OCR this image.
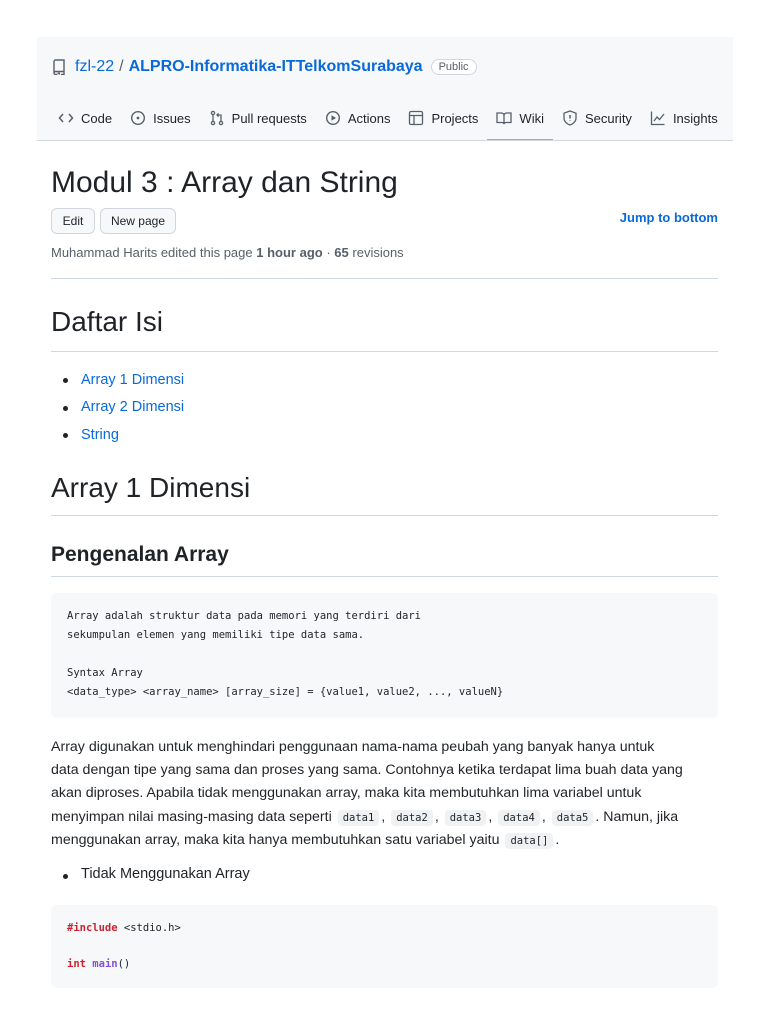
fzl-22 / ALPRO-Informatika-ITTelkomSurabaya	Public
Code	Issues	Pull requests	Actions	Projects	Wiki	Security	Insights
Modul 3 : Array dan String
Edit	New page	Jump to bottom
Muhammad Harits edited this page 1 hour ago · 65 revisions
Daftar Isi
Array 1 Dimensi
Array 2 Dimensi
String
Array 1 Dimensi
Pengenalan Array
Array adalah struktur data pada memori yang terdiri dari
sekumpulan elemen yang memiliki tipe data sama.

Syntax Array
<data_type> <array_name> [array_size] = {value1, value2, ..., valueN}
Array digunakan untuk menghindari penggunaan nama-nama peubah yang banyak hanya untuk
data dengan tipe yang sama dan proses yang sama. Contohnya ketika terdapat lima buah data yang
akan diproses. Apabila tidak menggunakan array, maka kita membutuhkan lima variabel untuk
menyimpan nilai masing-masing data seperti data1 , data2 , data3 , data4 , data5 . Namun, jika
menggunakan array, maka kita hanya membutuhkan satu variabel yaitu data[] .
Tidak Menggunakan Array
#include <stdio.h>

int main()
